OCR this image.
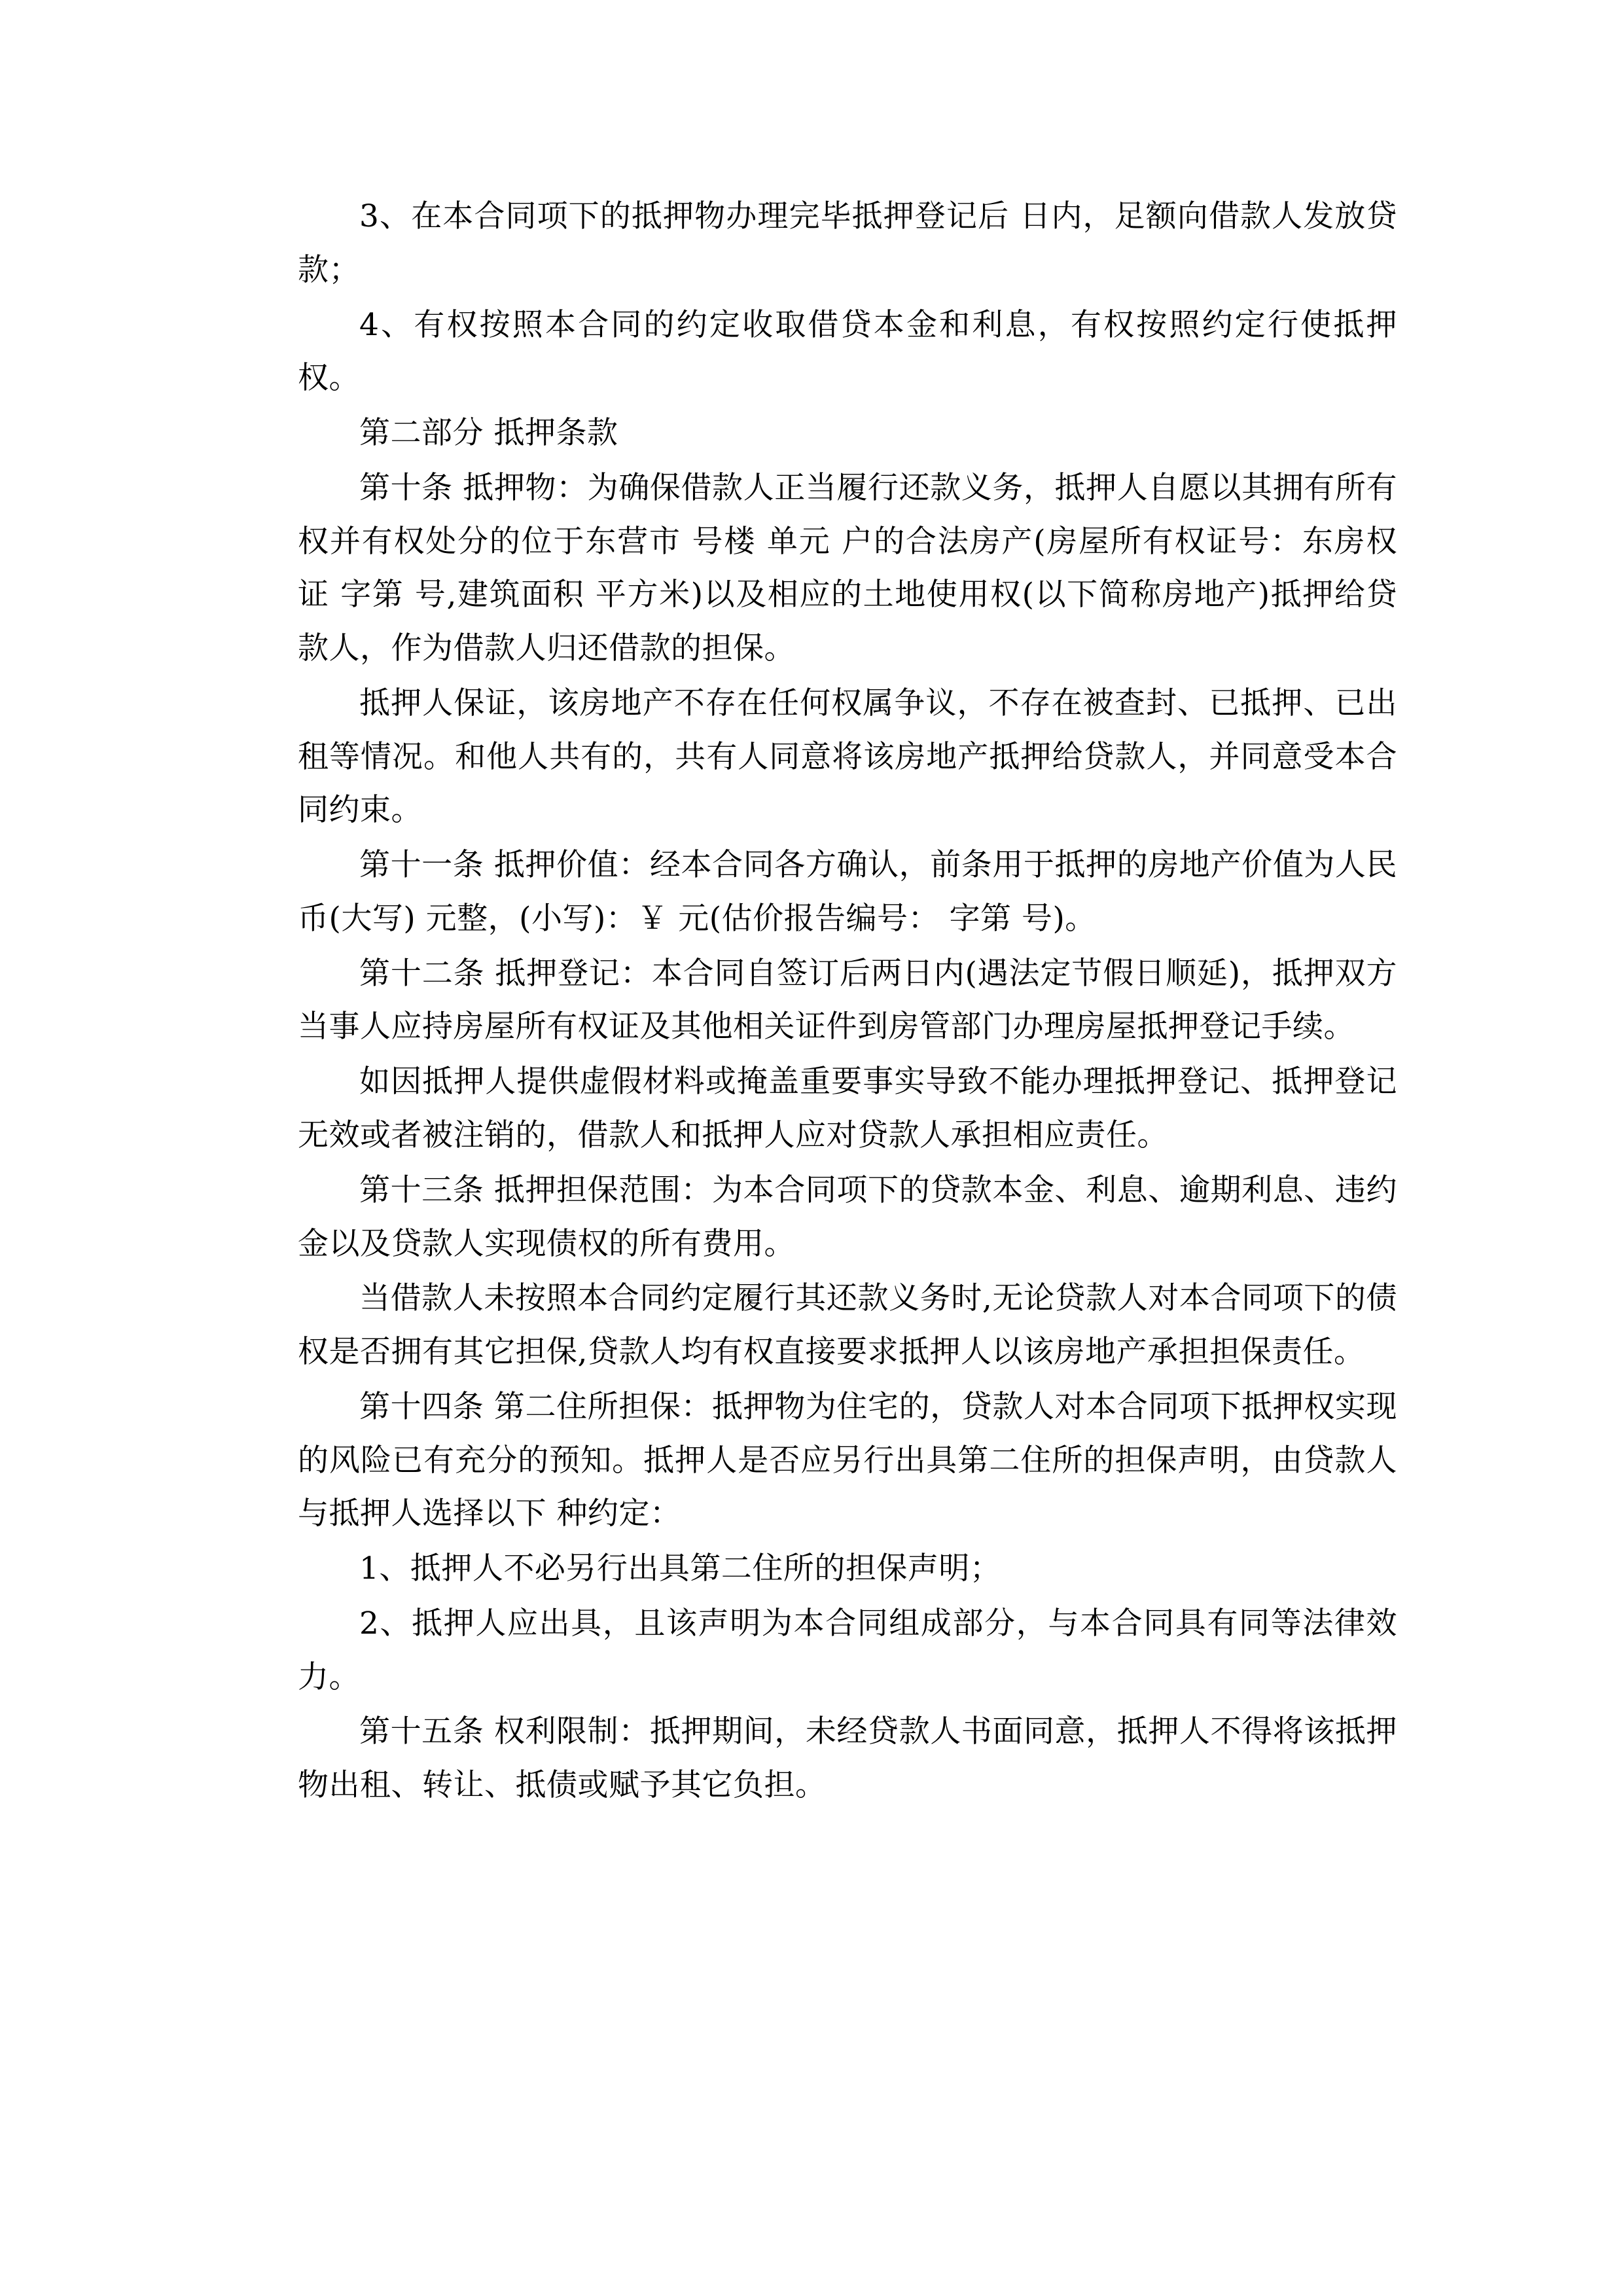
3、在本合同项下的抵押物办理完毕抵押登记后 日内，足额向借款人发放贷款；

4、有权按照本合同的约定收取借贷本金和利息，有权按照约定行使抵押权。

第二部分 抵押条款

第十条 抵押物：为确保借款人正当履行还款义务，抵押人自愿以其拥有所有权并有权处分的位于东营市 号楼 单元 户的合法房产(房屋所有权证号：东房权证 字第 号,建筑面积 平方米)以及相应的土地使用权(以下简称房地产)抵押给贷款人，作为借款人归还借款的担保。

抵押人保证，该房地产不存在任何权属争议，不存在被查封、已抵押、已出租等情况。和他人共有的，共有人同意将该房地产抵押给贷款人，并同意受本合同约束。

第十一条 抵押价值：经本合同各方确认，前条用于抵押的房地产价值为人民币(大写) 元整，(小写)：￥ 元(估价报告编号： 字第 号)。

第十二条 抵押登记：本合同自签订后两日内(遇法定节假日顺延)，抵押双方当事人应持房屋所有权证及其他相关证件到房管部门办理房屋抵押登记手续。

如因抵押人提供虚假材料或掩盖重要事实导致不能办理抵押登记、抵押登记无效或者被注销的，借款人和抵押人应对贷款人承担相应责任。

第十三条 抵押担保范围：为本合同项下的贷款本金、利息、逾期利息、违约金以及贷款人实现债权的所有费用。

当借款人未按照本合同约定履行其还款义务时,无论贷款人对本合同项下的债权是否拥有其它担保,贷款人均有权直接要求抵押人以该房地产承担担保责任。

第十四条 第二住所担保：抵押物为住宅的，贷款人对本合同项下抵押权实现的风险已有充分的预知。抵押人是否应另行出具第二住所的担保声明，由贷款人与抵押人选择以下 种约定：

1、抵押人不必另行出具第二住所的担保声明；

2、抵押人应出具，且该声明为本合同组成部分，与本合同具有同等法律效力。

第十五条 权利限制：抵押期间，未经贷款人书面同意，抵押人不得将该抵押物出租、转让、抵债或赋予其它负担。
